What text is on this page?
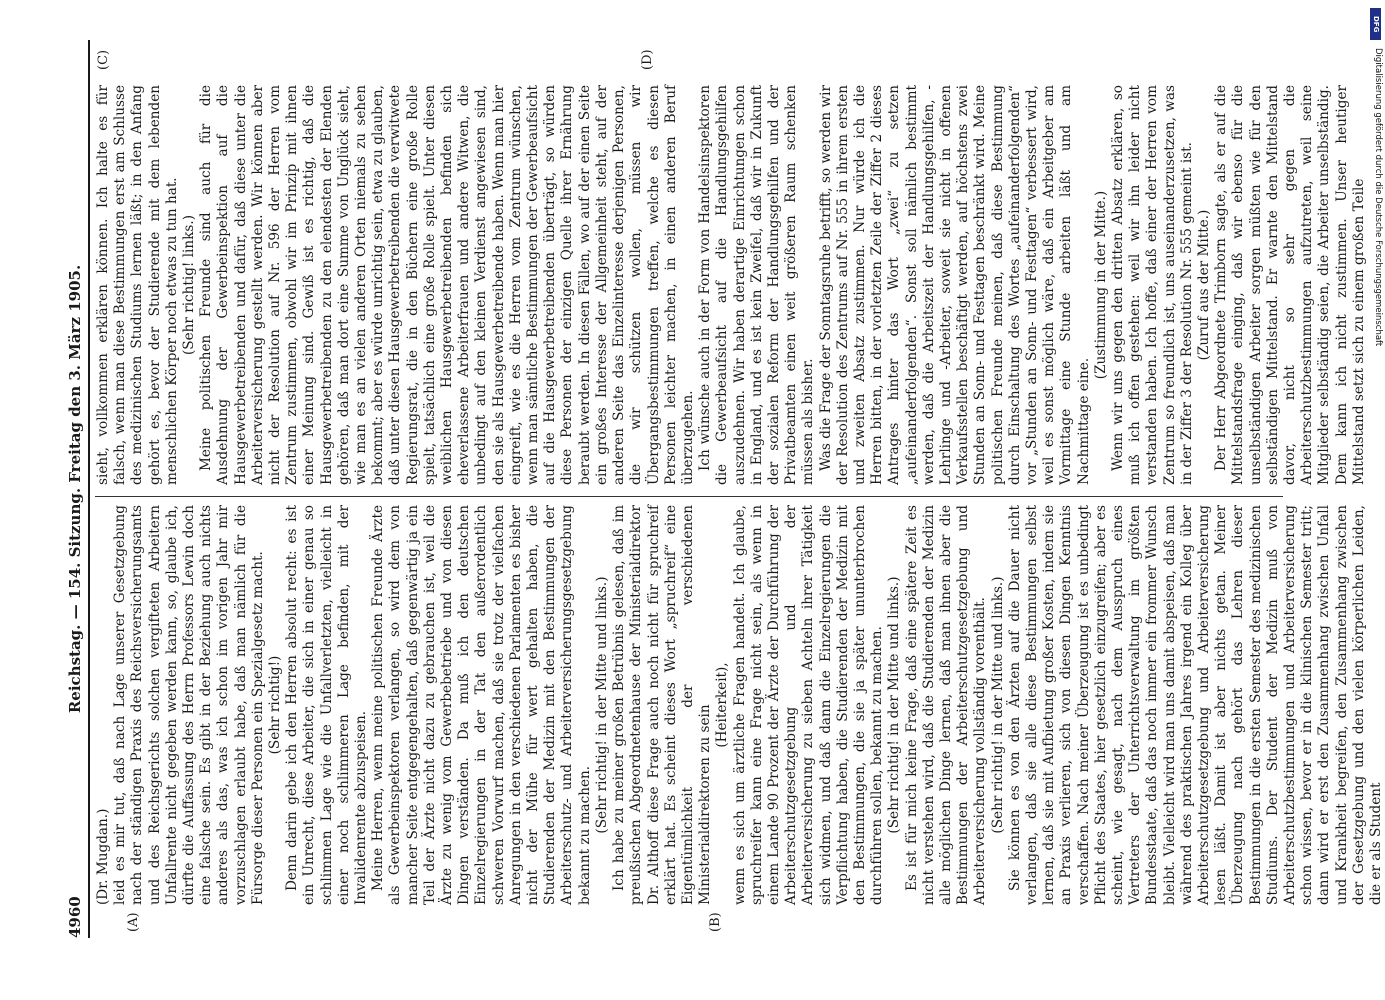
4960
Reichstag. — 154. Sitzung. Freitag den 3. März 1905.
(A)	(B)
(C)	(D)

(Dr. Mugdan.) leid es mir tut, daß nach Lage unserer Gesetzgebung nach der ständigen Praxis des Reichsversicherungsamts und des Reichsgerichts solchen vergifteten Arbeitern Unfallrente nicht gegeben werden kann, so, glaube ich, dürfte die Auffassung des Herrn Professors Lewin doch eine falsche sein. Es gibt in der Beziehung auch nichts anderes als das, was ich schon im vorigen Jahr mir vorzuschlagen erlaubt habe, daß man nämlich für die Fürsorge dieser Personen ein Spezialgesetz macht. (Sehr richtig!) Denn darin gebe ich den Herren absolut recht: es ist ein Unrecht, diese Arbeiter, die sich in einer genau so schlimmen Lage wie die Unfallverletzten, vielleicht in einer noch schlimmeren Lage befinden, mit der Invalidenrente abzuspeisen. Meine Herren, wenn meine politischen Freunde Ärzte als Gewerbeinspektoren verlangen, so wird dem von mancher Seite entgegengehalten, daß gegenwärtig ja ein Teil der Ärzte nicht dazu zu gebrauchen ist, weil die Ärzte zu wenig vom Gewerbebetriebe und von diesen Dingen verständen. Da muß ich den deutschen Einzelregierungen in der Tat den außerordentlich schweren Vorwurf machen, daß sie trotz der vielfachen Anregungen in den verschiedenen Parlamenten es bisher nicht der Mühe für wert gehalten haben, die Studierenden der Medizin mit den Bestimmungen der Arbeiterschutz- und Arbeiterversicherungsgesetzgebung bekannt zu machen.

(Sehr richtig! in der Mitte und links.) Ich habe zu meiner großen Betrübnis gelesen, daß im preußischen Abgeordnetenhause der Ministerialdirektor Dr. Althoff diese Frage auch noch nicht für spruchreif erklärt hat. Es scheint dieses Wort „spruchreif“ eine Eigentümlichkeit der verschiedenen Ministerialdirektoren zu sein (Heiterkeit), wenn es sich um ärztliche Fragen handelt. Ich glaube, spruchreifer kann eine Frage nicht sein, als wenn in einem Lande 90 Prozent der Ärzte der Durchführung der Arbeiterschutzgesetzgebung und der Arbeiterversicherung zu sieben Achteln ihrer Tätigkeit sich widmen, und daß dann die Einzelregierungen die Verpflichtung haben, die Studierenden der Medizin mit den Bestimmungen, die sie ja später ununterbrochen durchführen sollen, bekannt zu machen. (Sehr richtig! in der Mitte und links.) Es ist für mich keine Frage, daß eine spätere Zeit es nicht verstehen wird, daß die Studierenden der Medizin alle möglichen Dinge lernen, daß man ihnen aber die Bestimmungen der Arbeiterschutzgesetzgebung und Arbeiterversicherung vollständig vorenthält. (Sehr richtig! in der Mitte und links.) Sie können es von den Ärzten auf die Dauer nicht verlangen, daß sie alle diese Bestimmungen selbst lernen, daß sie mit Aufbietung großer Kosten, indem sie an Praxis verlieren, sich von diesen Dingen Kenntnis verschaffen. Nach meiner Überzeugung ist es unbedingt Pflicht des Staates, hier gesetzlich einzugreifen; aber es scheint, wie gesagt, nach dem Ausspruch eines Vertreters der Unterrichtsverwaltung im größten Bundesstaate, daß das noch immer ein frommer Wunsch bleibt. Vielleicht wird man uns damit abspeisen, daß man während des praktischen Jahres irgend ein Kolleg über Arbeiterschutzgesetzgebung und Arbeiterversicherung lesen läßt. Damit ist aber nichts getan. Meiner Überzeugung nach gehört das Lehren dieser Bestimmungen in die ersten Semester des medizinischen Studiums. Der Student der Medizin muß von Arbeiterschutzbestimmungen und Arbeiterversicherung schon wissen, bevor er in die klinischen Semester tritt; dann wird er erst den Zusammenhang zwischen Unfall und Krankheit begreifen, den Zusammenhang zwischen der Gesetzgebung und den vielen körperlichen Leiden, die er als Student

sieht, vollkommen erklären können. Ich halte es für falsch, wenn man diese Bestimmungen erst am Schlusse des medizinischen Studiums lernen läßt; in den Anfang gehört es, bevor der Studierende mit dem lebenden menschlichen Körper noch etwas zu tun hat. (Sehr richtig! links.) Meine politischen Freunde sind auch für die Ausdehnung der Gewerbeinspektion auf die Hausgewerbetreibenden und dafür, daß diese unter die Arbeiterversicherung gestellt werden. Wir können aber nicht der Resolution auf Nr. 596 der Herren vom Zentrum zustimmen, obwohl wir im Prinzip mit ihnen einer Meinung sind. Gewiß ist es richtig, daß die Hausgewerbetreibenden zu den elendesten der Elenden gehören, daß man dort eine Summe von Unglück sieht, wie man es an vielen anderen Orten niemals zu sehen bekommt; aber es würde unrichtig sein, etwa zu glauben, daß unter diesen Hausgewerbetreibenden die verwitwete Regierungsrat, die in den Büchern eine große Rolle spielt, tatsächlich eine große Rolle spielt. Unter diesen weiblichen Hausgewerbetreibenden befinden sich eheverlassene Arbeiterfrauen und andere Witwen, die unbedingt auf den kleinen Verdienst angewiesen sind, den sie als Hausgewerbetreibende haben. Wenn man hier eingreift, wie es die Herren vom Zentrum wünschen, wenn man sämtliche Bestimmungen der Gewerbeaufsicht auf die Hausgewerbetreibenden überträgt, so würden diese Personen der einzigen Quelle ihrer Ernährung beraubt werden. In diesen Fällen, wo auf der einen Seite ein großes Interesse der Allgemeinheit steht, auf der anderen Seite das Einzelinteresse derjenigen Personen, die wir schützen wollen, müssen wir Übergangsbestimmungen treffen, welche es diesen Personen leichter machen, in einen anderen Beruf überzugehen. Ich wünsche auch in der Form von Handelsinspektoren die Gewerbeaufsicht auf die Handlungsgehilfen auszudehnen. Wir haben derartige Einrichtungen schon in England, und es ist kein Zweifel, daß wir in Zukunft der sozialen Reform der Handlungsgehilfen und der Privatbeamten einen weit größeren Raum schenken müssen als bisher. Was die Frage der Sonntagsruhe betrifft, so werden wir der Resolution des Zentrums auf Nr. 555 in ihrem ersten und zweiten Absatz zustimmen. Nur würde ich die Herren bitten, in der vorletzten Zeile der Ziffer 2 dieses Antrages hinter das Wort „zwei“ zu setzen „aufeinanderfolgenden“. Sonst soll nämlich bestimmt werden, daß die Arbeitszeit der Handlungsgehilfen, -Lehrlinge und -Arbeiter, soweit sie nicht in offenen Verkaufsstellen beschäftigt werden, auf höchstens zwei Stunden an Sonn- und Festtagen beschränkt wird. Meine politischen Freunde meinen, daß diese Bestimmung durch Einschaltung des Wortes „aufeinanderfolgenden“ vor „Stunden an Sonn- und Festtagen“ verbessert wird, weil es sonst möglich wäre, daß ein Arbeitgeber am Vormittage eine Stunde arbeiten läßt und am Nachmittage eine.

(Zustimmung in der Mitte.) Wenn wir uns gegen den dritten Absatz erklären, so muß ich offen gestehen: weil wir ihn leider nicht verstanden haben. Ich hoffe, daß einer der Herren vom Zentrum so freundlich ist, uns auseinanderzusetzen, was in der Ziffer 3 der Resolution Nr. 555 gemeint ist. (Zuruf aus der Mitte.) Der Herr Abgeordnete Trimborn sagte, als er auf die Mittelstandsfrage einging, daß wir ebenso für die unselbständigen Arbeiter sorgen müßten wie für den selbständigen Mittelstand. Er warnte den Mittelstand davor, nicht so sehr gegen die Arbeiterschutzbestimmungen aufzutreten, weil seine Mitglieder selbständig seien, die Arbeiter unselbständig. Dem kann ich nicht zustimmen. Unser heutiger Mittelstand setzt sich zu einem großen Teile

DFG
Digitalisierung gefördert durch die Deutsche Forschungsgemeinschaft
